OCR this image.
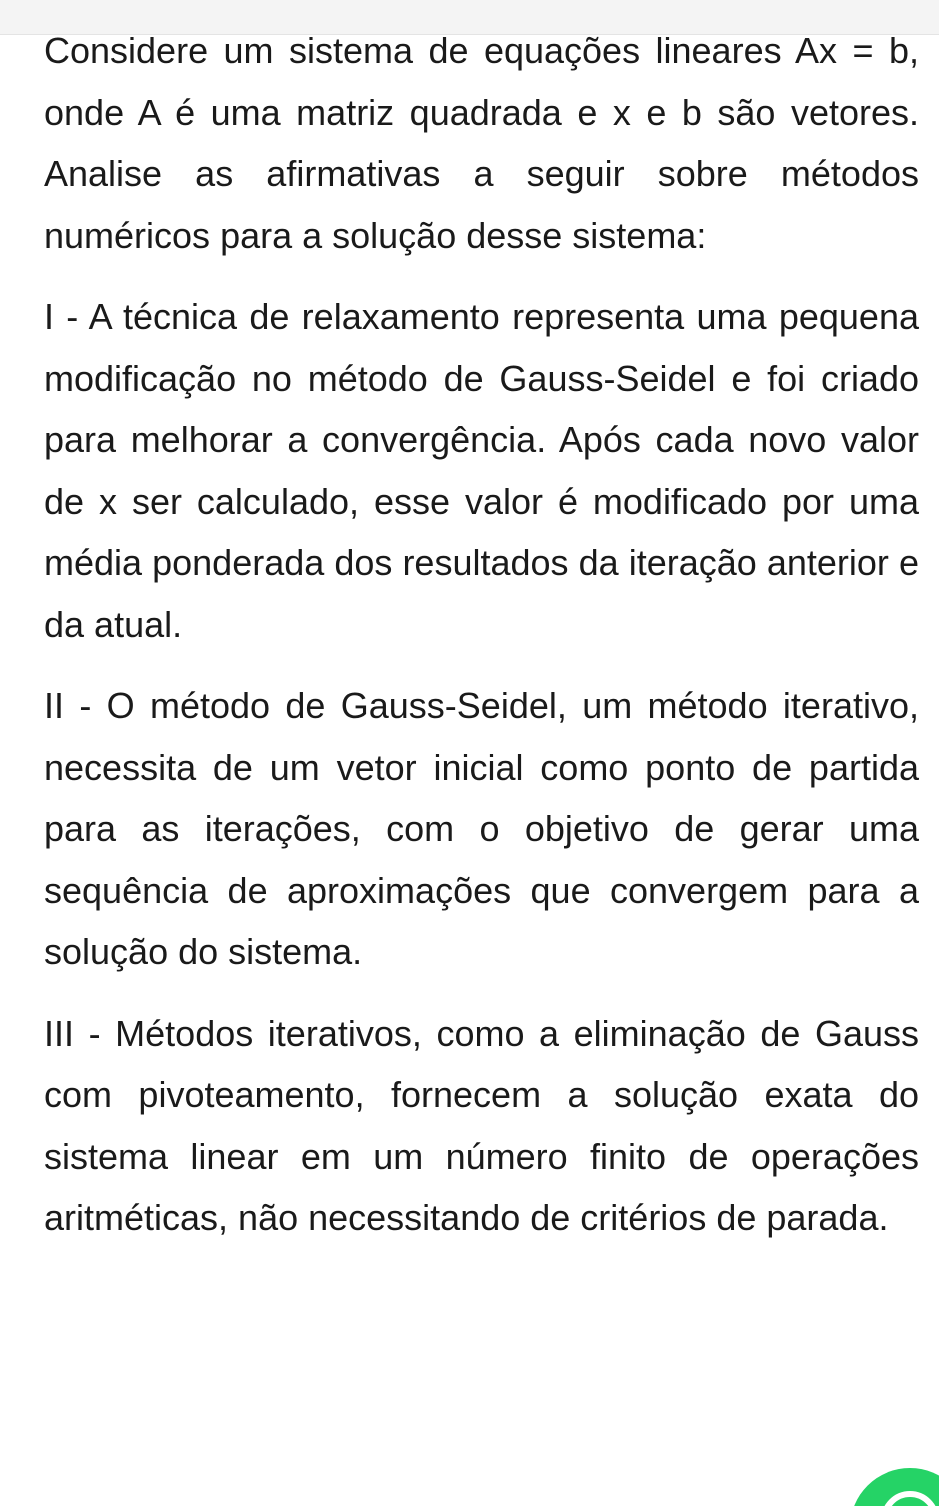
Considere um sistema de equações lineares Ax = b, onde A é uma matriz quadrada e x e b são vetores. Analise as afirmativas a seguir sobre métodos numéricos para a solução desse sistema:

I - A técnica de relaxamento representa uma pequena modificação no método de Gauss-Seidel e foi criado para melhorar a convergência. Após cada novo valor de x ser calculado, esse valor é modificado por uma média ponderada dos resultados da iteração anterior e da atual.

II - O método de Gauss-Seidel, um método iterativo, necessita de um vetor inicial como ponto de partida para as iterações, com o objetivo de gerar uma sequência de aproximações que convergem para a solução do sistema.

III - Métodos iterativos, como a eliminação de Gauss com pivoteamento, fornecem a solução exata do sistema linear em um número finito de operações aritméticas, não necessitando de critérios de parada.
